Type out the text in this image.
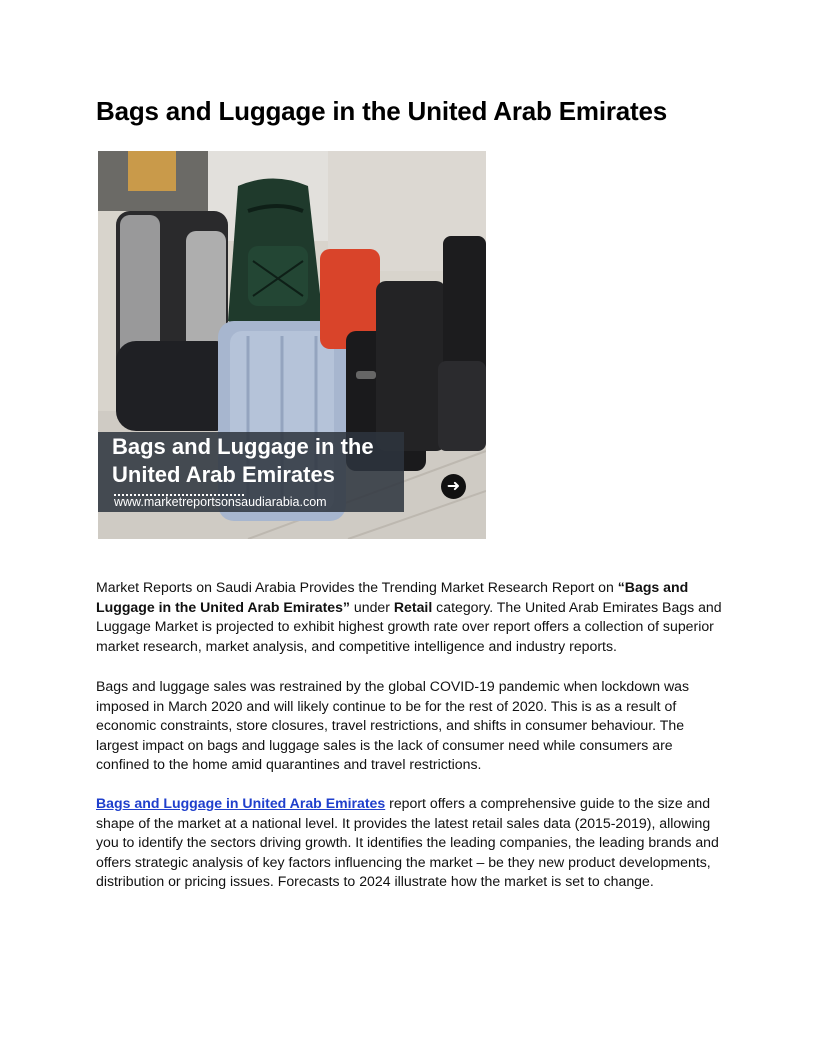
Bags and Luggage in the United Arab Emirates
Bags and Luggage in the
United Arab Emirates
www.marketreportsonsaudiarabia.com
➜

Market Reports on Saudi Arabia Provides the Trending Market Research Report on “Bags and Luggage in the United Arab Emirates” under Retail category. The United Arab Emirates Bags and Luggage Market is projected to exhibit highest growth rate over report offers a collection of superior market research, market analysis, and competitive intelligence and industry reports.

Bags and luggage sales was restrained by the global COVID-19 pandemic when lockdown was imposed in March 2020 and will likely continue to be for the rest of 2020. This is as a result of economic constraints, store closures, travel restrictions, and shifts in consumer behaviour. The largest impact on bags and luggage sales is the lack of consumer need while consumers are confined to the home amid quarantines and travel restrictions.

Bags and Luggage in United Arab Emirates report offers a comprehensive guide to the size and shape of the market at a national level. It provides the latest retail sales data (2015-2019), allowing you to identify the sectors driving growth. It identifies the leading companies, the leading brands and offers strategic analysis of key factors influencing the market – be they new product developments, distribution or pricing issues. Forecasts to 2024 illustrate how the market is set to change.
